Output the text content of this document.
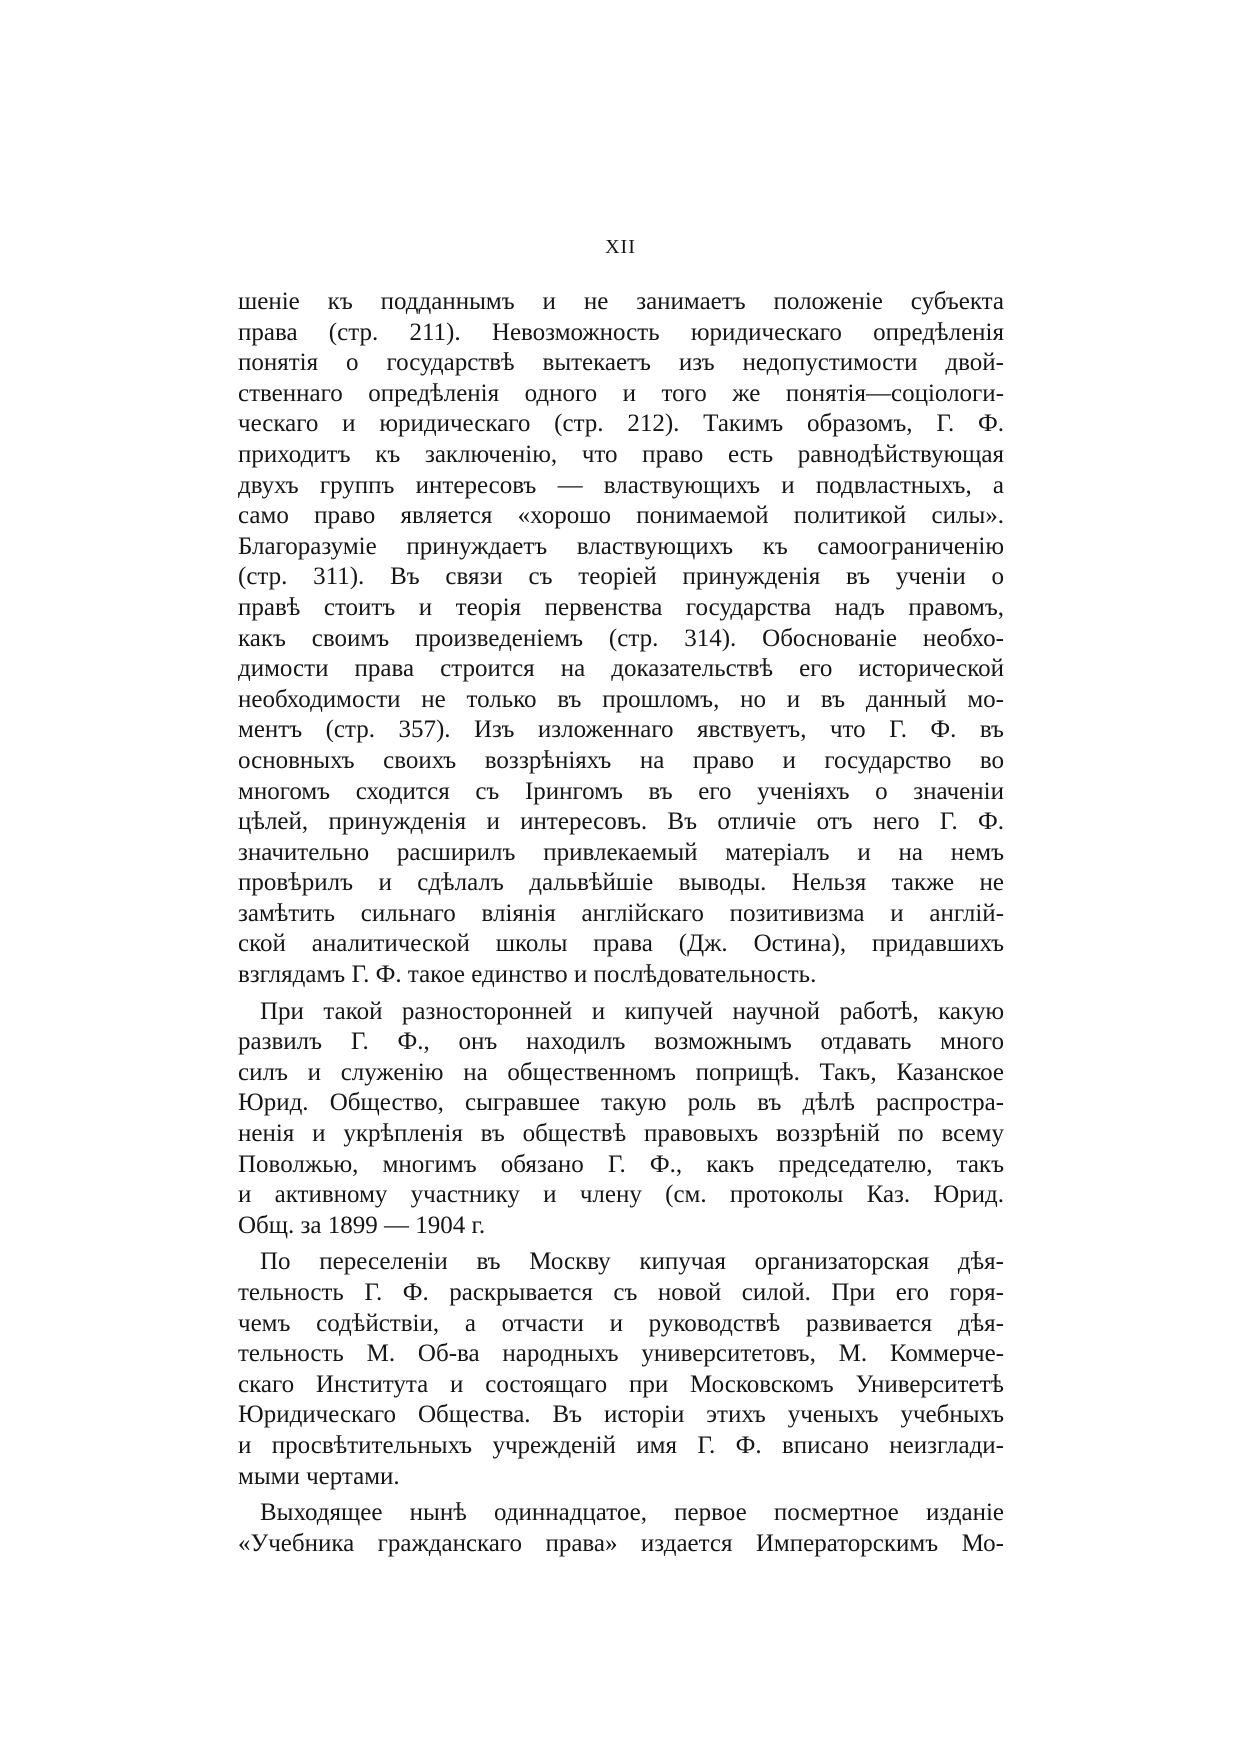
XII
шеніе къ подданнымъ и не занимаетъ положеніе субъекта
права (стр. 211). Невозможность юридическаго опредѣленія
понятія о государствѣ вытекаетъ изъ недопустимости двой-
ственнаго опредѣленія одного и того же понятія—соціологи-
ческаго и юридическаго (стр. 212). Такимъ образомъ, Г. Ф.
приходитъ къ заключенію, что право есть равнодѣйствующая
двухъ группъ интересовъ — властвующихъ и подвластныхъ, а
само право является «хорошо понимаемой политикой силы».
Благоразуміе принуждаетъ властвующихъ къ самоограниченію
(стр. 311). Въ связи съ теоріей принужденія въ ученіи о
правѣ стоитъ и теорія первенства государства надъ правомъ,
какъ своимъ произведеніемъ (стр. 314). Обоснованіе необхо-
димости права строится на доказательствѣ его исторической
необходимости не только въ прошломъ, но и въ данный мо-
ментъ (стр. 357). Изъ изложеннаго явствуетъ, что Г. Ф. въ
основныхъ своихъ воззрѣніяхъ на право и государство во
многомъ сходится съ Ірингомъ въ его ученіяхъ о значеніи
цѣлей, принужденія и интересовъ. Въ отличіе отъ него Г. Ф.
значительно расширилъ привлекаемый матеріалъ и на немъ
провѣрилъ и сдѣлалъ дальвѣйшіе выводы. Нельзя также не
замѣтить сильнаго вліянія англійскаго позитивизма и англій-
ской аналитической школы права (Дж. Остина), придавшихъ
взглядамъ Г. Ф. такое единство и послѣдовательность.
При такой разносторонней и кипучей научной работѣ, какую
развилъ Г. Ф., онъ находилъ возможнымъ отдавать много
силъ и служенію на общественномъ поприщѣ. Такъ, Казанское
Юрид. Общество, сыгравшее такую роль въ дѣлѣ распростра-
ненія и укрѣпленія въ обществѣ правовыхъ воззрѣній по всему
Поволжью, многимъ обязано Г. Ф., какъ председателю, такъ
и активному участнику и члену (см. протоколы Каз. Юрид.
Общ. за 1899 — 1904 г.
По переселеніи въ Москву кипучая организаторская дѣя-
тельность Г. Ф. раскрывается съ новой силой. При его горя-
чемъ содѣйствіи, а отчасти и руководствѣ развивается дѣя-
тельность М. Об-ва народныхъ университетовъ, М. Коммерче-
скаго Института и состоящаго при Московскомъ Университетѣ
Юридическаго Общества. Въ исторіи этихъ ученыхъ учебныхъ
и просвѣтительныхъ учрежденій имя Г. Ф. вписано неизглади-
мыми чертами.
Выходящее нынѣ одиннадцатое, первое посмертное изданіе
«Учебника гражданскаго права» издается Императорскимъ Мо-
